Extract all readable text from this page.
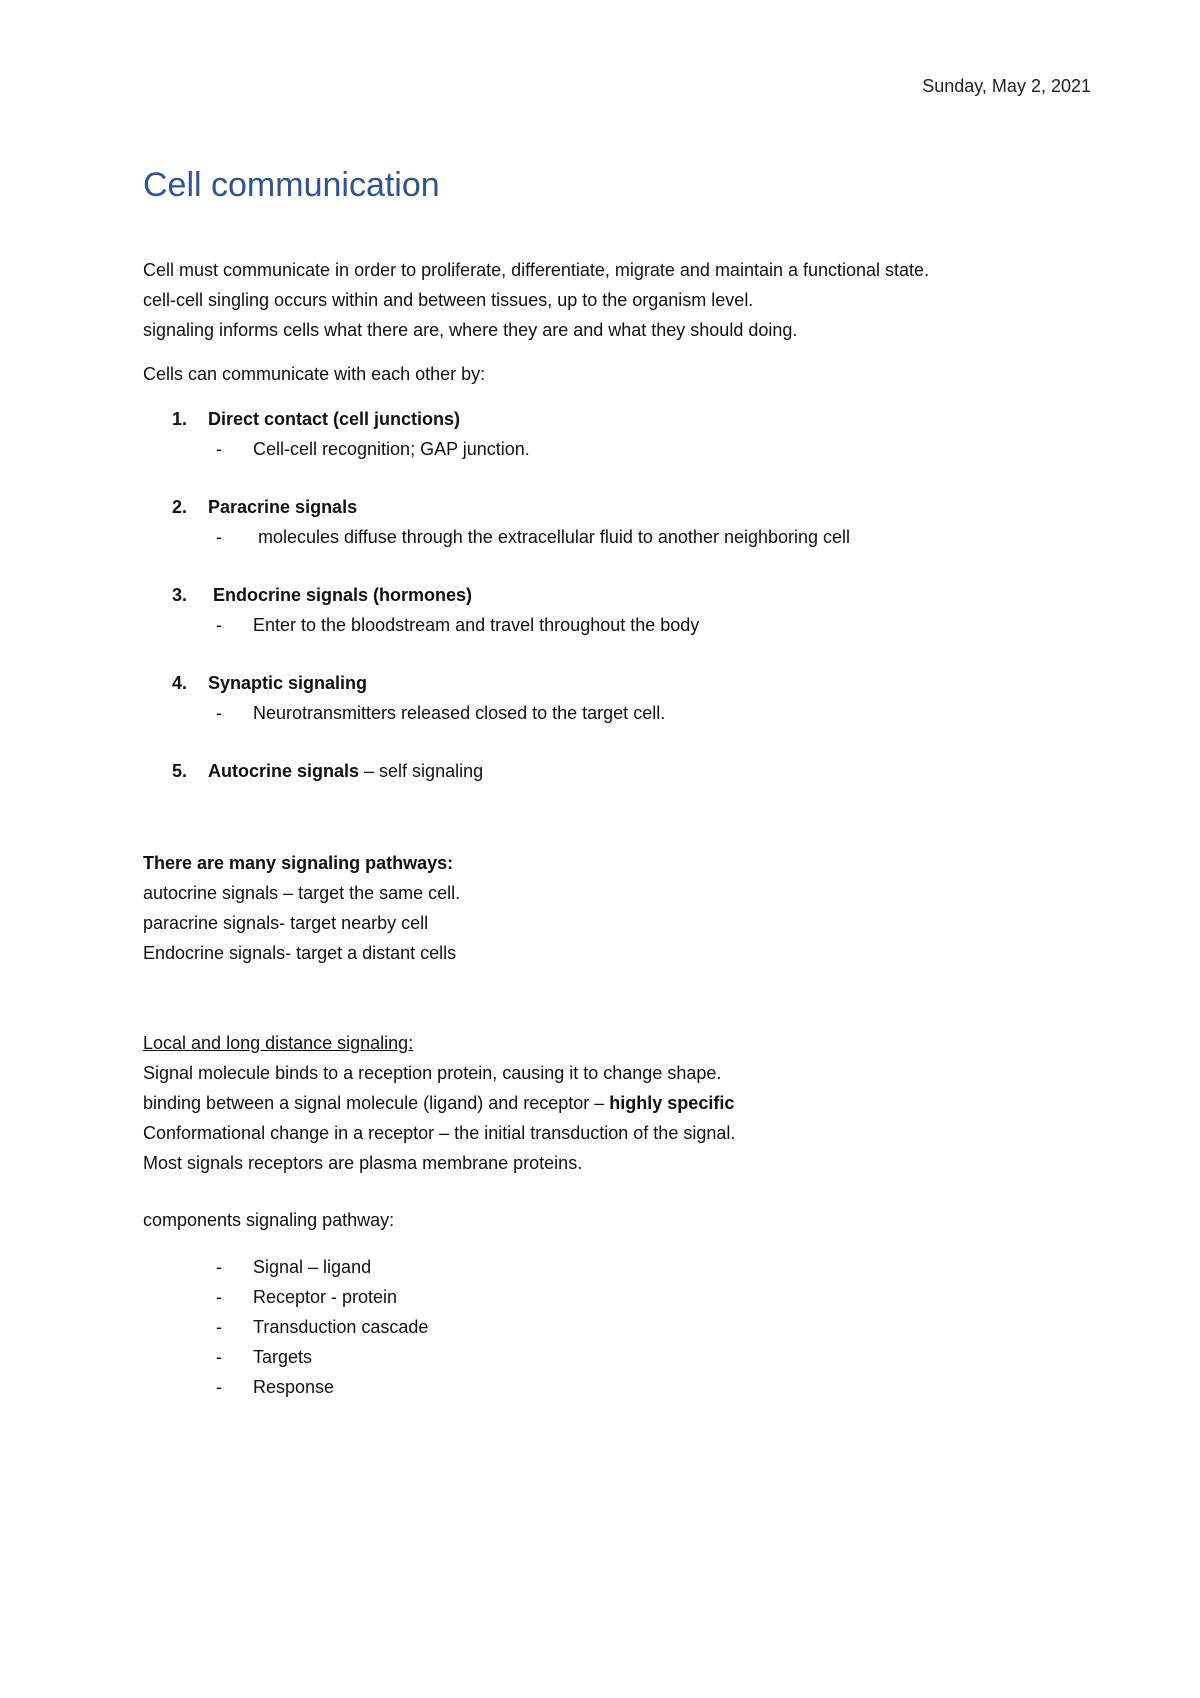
Sunday, May 2, 2021
Cell communication
Cell must communicate in order to proliferate, differentiate, migrate and maintain a functional state.
cell-cell singling occurs within and between tissues, up to the organism level.
signaling informs cells what there are, where they are and what they should doing.
Cells can communicate with each other by:
1. Direct contact (cell junctions)
- Cell-cell recognition; GAP junction.
2. Paracrine signals
- molecules diffuse through the extracellular fluid to another neighboring cell
3. Endocrine signals (hormones)
- Enter to the bloodstream and travel throughout the body
4. Synaptic signaling
- Neurotransmitters released closed to the target cell.
5. Autocrine signals – self signaling
There are many signaling pathways:
autocrine signals – target the same cell.
paracrine signals- target nearby cell
Endocrine signals- target a distant cells
Local and long distance signaling:
Signal molecule binds to a reception protein, causing it to change shape.
binding between a signal molecule (ligand) and receptor – highly specific
Conformational change in a receptor – the initial transduction of the signal.
Most signals receptors are plasma membrane proteins.
components signaling pathway:
- Signal – ligand
- Receptor - protein
- Transduction cascade
- Targets
- Response
